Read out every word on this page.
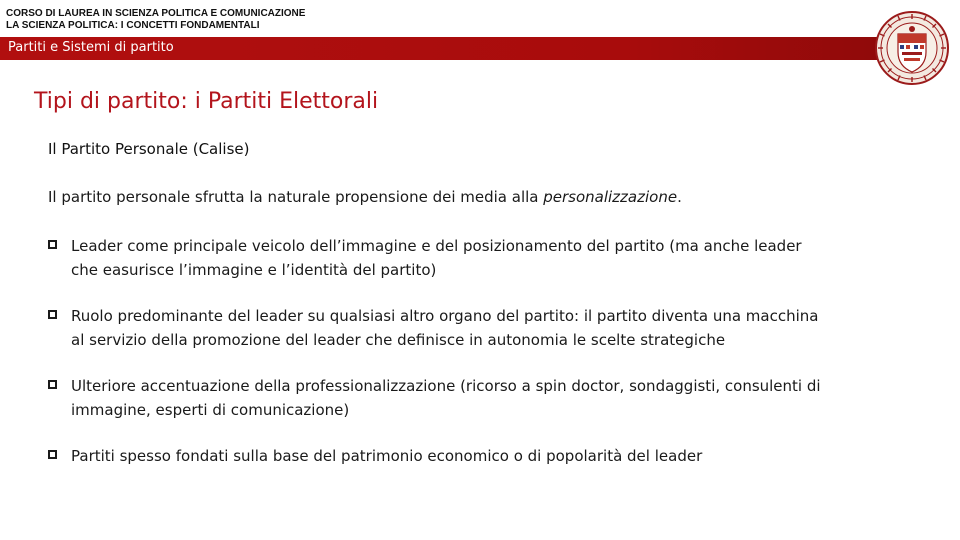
CORSO DI LAUREA IN SCIENZA POLITICA E COMUNICAZIONE
LA SCIENZA POLITICA: I CONCETTI FONDAMENTALI
Partiti e Sistemi di partito
Tipi di partito: i Partiti Elettorali
Il Partito Personale (Calise)
Il partito personale sfrutta la naturale propensione dei media alla personalizzazione.
Leader come principale veicolo dell’immagine e del posizionamento del partito (ma anche leader che easurisce l’immagine e l’identità del partito)
Ruolo predominante del leader su qualsiasi altro organo del partito: il partito diventa una macchina al servizio della promozione del leader che definisce in autonomia le scelte strategiche
Ulteriore accentuazione della professionalizzazione (ricorso a spin doctor, sondaggisti, consulenti di immagine, esperti di comunicazione)
Partiti spesso fondati sulla base del patrimonio economico o di popolarità del leader
